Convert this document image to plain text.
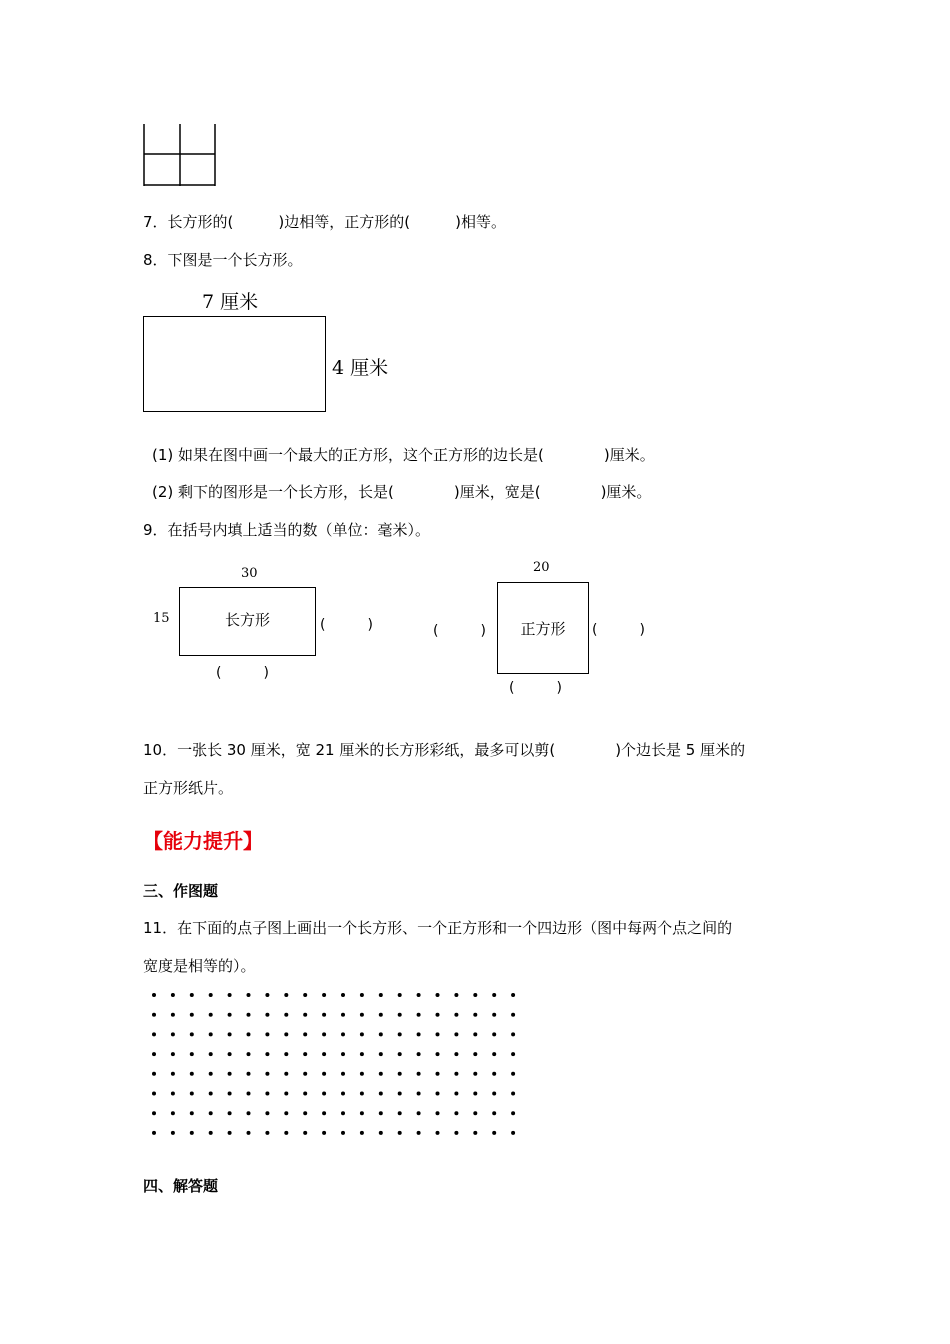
7．长方形的(　　　)边相等，正方形的(　　　)相等。
8．下图是一个长方形。
7 厘米
4 厘米
(1) 如果在图中画一个最大的正方形，这个正方形的边长是(　　　　)厘米。
(2) 剩下的图形是一个长方形，长是(　　　　)厘米，宽是(　　　　)厘米。
9．在括号内填上适当的数（单位：毫米）。
30
15	长方形	(　　　)
(　　　)
20
(　　　)	正方形	(　　　)
(　　　)
10．一张长 30 厘米，宽 21 厘米的长方形彩纸，最多可以剪(　　　　)个边长是 5 厘米的
正方形纸片。
【能力提升】
三、作图题
11．在下面的点子图上画出一个长方形、一个正方形和一个四边形（图中每两个点之间的
宽度是相等的）。
四、解答题
